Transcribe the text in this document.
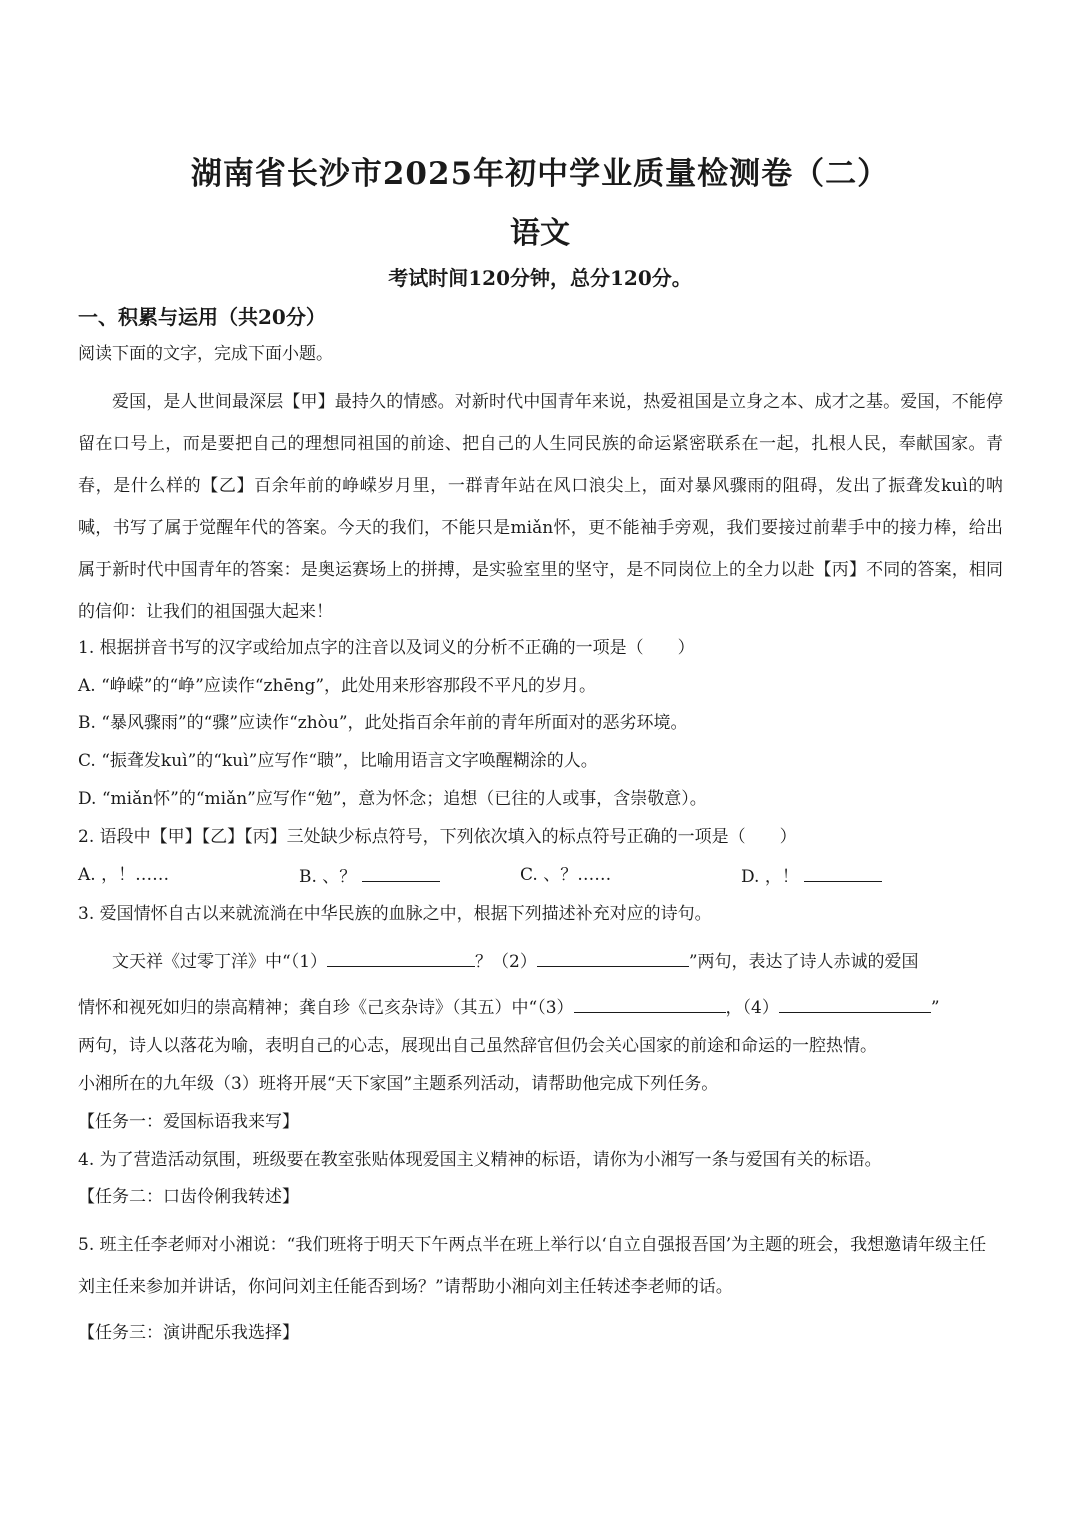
湖南省长沙市2025年初中学业质量检测卷（二）
语文
考试时间120分钟，总分120分。
一、积累与运用（共20分）
阅读下面的文字，完成下面小题。
爱国，是人世间最深层【甲】最持久的情感。对新时代中国青年来说，热爱祖国是立身之本、成才之基。爱国，不能停留在口号上，而是要把自己的理想同祖国的前途、把自己的人生同民族的命运紧密联系在一起，扎根人民，奉献国家。青春，是什么样的【乙】百余年前的峥嵘岁月里，一群青年站在风口浪尖上，面对暴风骤雨的阻碍，发出了振聋发kuì的呐喊，书写了属于觉醒年代的答案。今天的我们，不能只是miǎn怀，更不能袖手旁观，我们要接过前辈手中的接力棒，给出属于新时代中国青年的答案：是奥运赛场上的拼搏，是实验室里的坚守，是不同岗位上的全力以赴【丙】不同的答案，相同的信仰：让我们的祖国强大起来！
1. 根据拼音书写的汉字或给加点字的注音以及词义的分析不正确的一项是（　　）
A. “峥嵘”的“峥”应读作“zhēng”，此处用来形容那段不平凡的岁月。
B. “暴风骤雨”的“骤”应读作“zhòu”，此处指百余年前的青年所面对的恶劣环境。
C. “振聋发kuì”的“kuì”应写作“聩”，比喻用语言文字唤醒糊涂的人。
D. “miǎn怀”的“miǎn”应写作“勉”，意为怀念；追想（已往的人或事，含崇敬意）。
2. 语段中【甲】【乙】【丙】三处缺少标点符号，下列依次填入的标点符号正确的一项是（　　）
A. ，！……	B. 、？	C. 、？……	D. ，！
3. 爱国情怀自古以来就流淌在中华民族的血脉之中，根据下列描述补充对应的诗句。
文天祥《过零丁洋》中“（1）	？（2）	”两句，表达了诗人赤诚的爱国
情怀和视死如归的崇高精神；龚自珍《己亥杂诗》（其五）中“（3）	，（4）	”
两句，诗人以落花为喻，表明自己的心志，展现出自己虽然辞官但仍会关心国家的前途和命运的一腔热情。
小湘所在的九年级（3）班将开展“天下家国”主题系列活动，请帮助他完成下列任务。
【任务一：爱国标语我来写】
4. 为了营造活动氛围，班级要在教室张贴体现爱国主义精神的标语，请你为小湘写一条与爱国有关的标语。
【任务二：口齿伶俐我转述】
5. 班主任李老师对小湘说：“我们班将于明天下午两点半在班上举行以‘自立自强报吾国’为主题的班会，我想邀请年级主任刘主任来参加并讲话，你问问刘主任能否到场？”请帮助小湘向刘主任转述李老师的话。
【任务三：演讲配乐我选择】
